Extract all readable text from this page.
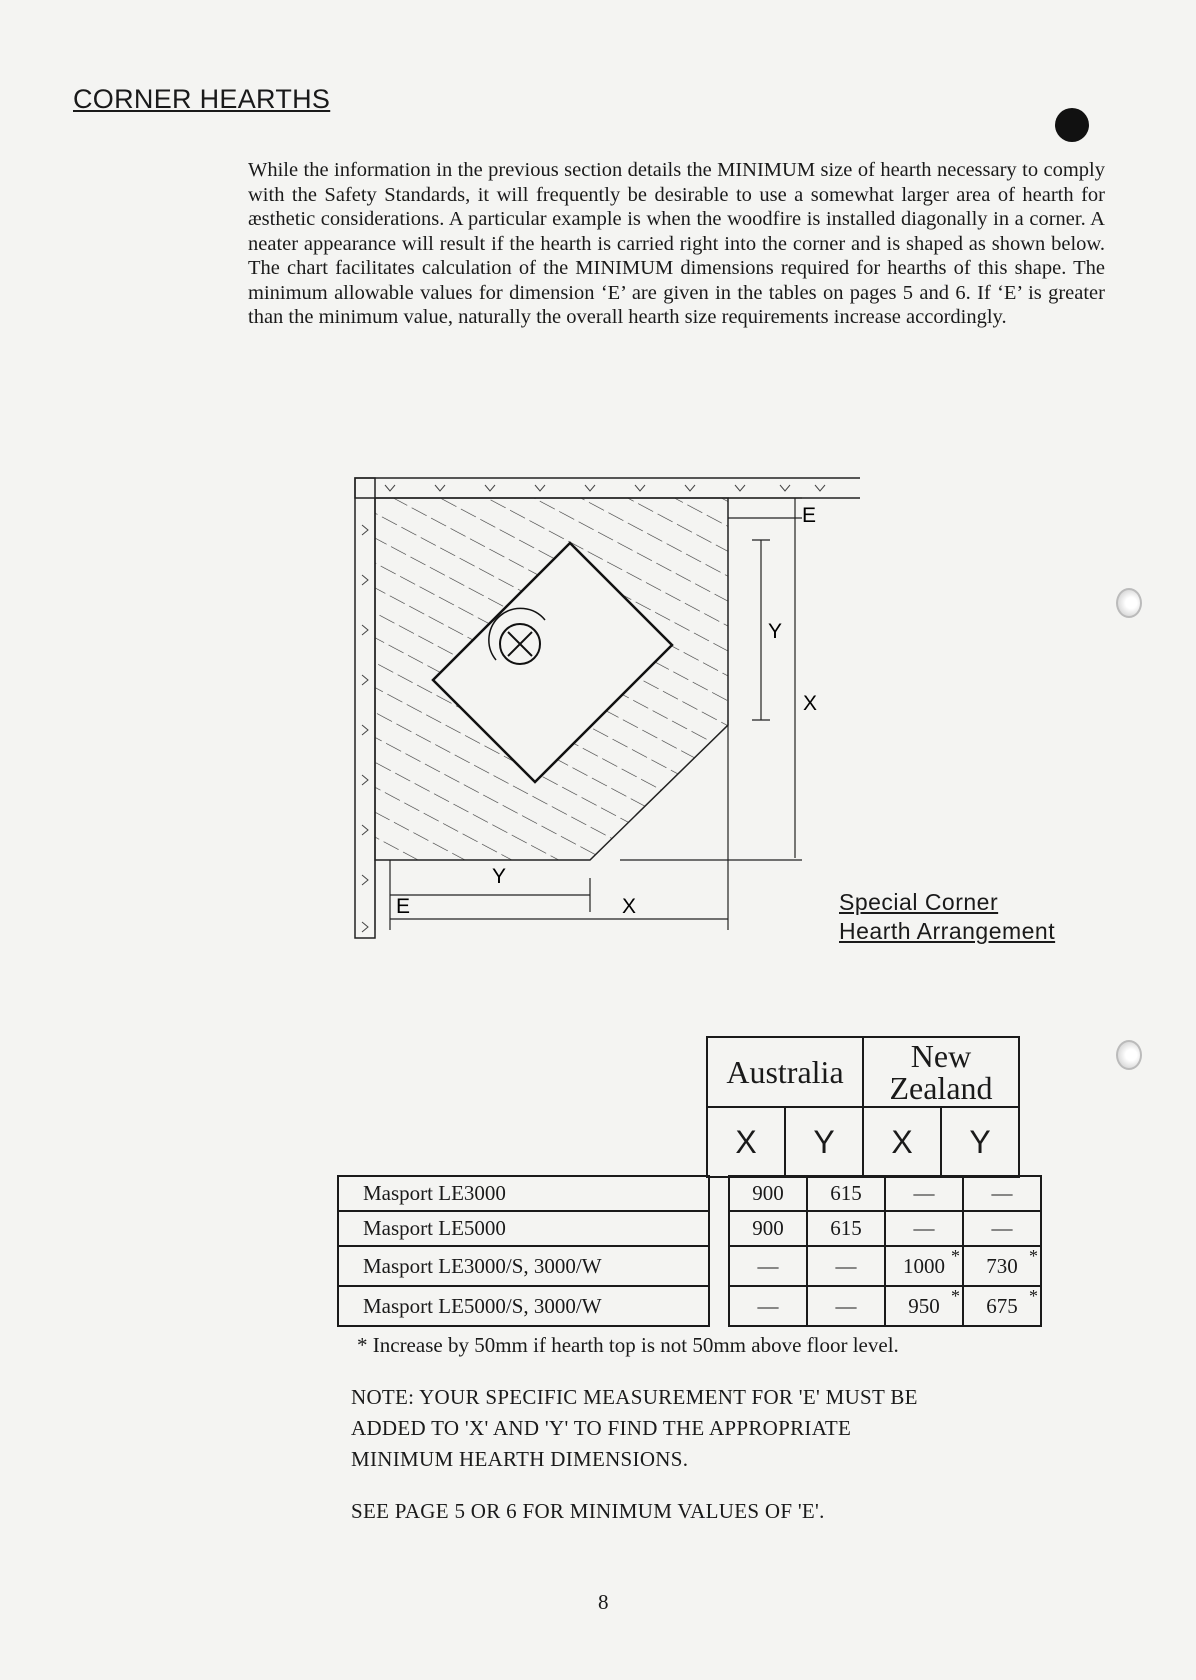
CORNER HEARTHS

While the information in the previous section details the MINIMUM size of hearth necessary to comply with the Safety Standards, it will frequently be desirable to use a somewhat larger area of hearth for æsthetic considerations. A particular example is when the woodfire is installed diagonally in a corner. A neater appearance will result if the hearth is carried right into the corner and is shaped as shown below. The chart facilitates calculation of the MINIMUM dimensions required for hearths of this shape. The minimum allowable values for dimension ‘E’ are given in the tables on pages 5 and 6. If ‘E’ is greater than the minimum value, naturally the overall hearth size requirements increase accordingly.

E
Y
X
E
Y
X	Special Corner
Hearth Arrangement
Australia		New Zealand	
X	Y	X	Y
Masport LE3000		900	615	—	—
Masport LE5000		900	615	—	—
Masport LE3000/S, 3000/W		—	—	1000 *	730 *

Masport LE5000/S, 3000/W		—	—	950 *	675 *

* Increase by 50mm if hearth top is not 50mm above floor level.

NOTE: YOUR SPECIFIC MEASUREMENT FOR 'E' MUST BE
ADDED TO 'X' AND 'Y' TO FIND THE APPROPRIATE
MINIMUM HEARTH DIMENSIONS.

SEE PAGE 5 OR 6 FOR MINIMUM VALUES OF 'E'.

8
